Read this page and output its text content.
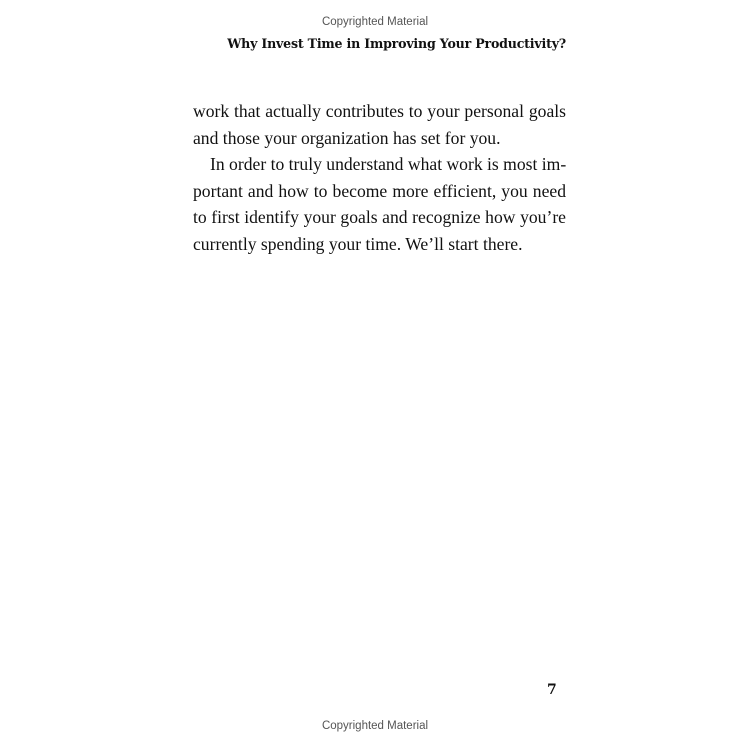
Copyrighted Material
Why Invest Time in Improving Your Productivity?
work that actually contributes to your personal goals
and those your organization has set for you.
In order to truly understand what work is most im-
portant and how to become more efficient, you need
to first identify your goals and recognize how you’re
currently spending your time. We’ll start there.
7
Copyrighted Material
